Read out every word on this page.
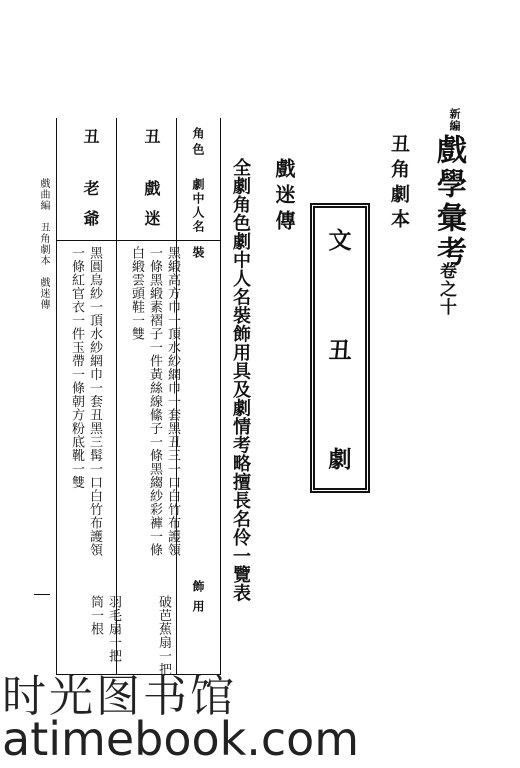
新編
戲學彙考
卷之十
丑角劇本
文
丑
劇
戲迷傳
全劇角色劇中人名裝飾用具及劇情考略擅長名伶一覽表
角色
劇中人名
裝
飾用
丑
戲迷
黑緞高方巾一頂水紗網巾一套黑丑三一口白竹布護領
一條黑緞素褶子一件黃絲線絛子一條黑縐紗彩褲一條
白緞雲頭鞋一雙
破芭蕉扇一把
丑
老爺
黑圓烏紗一頂水紗網巾一套丑黑三髯一口白竹布護領
一條紅官衣一件玉帶一條朝方粉底靴一雙
羽毛扇一把
筒一根
戲曲編　丑角劇本　戲迷傳
时光图书馆
atimebook.com
